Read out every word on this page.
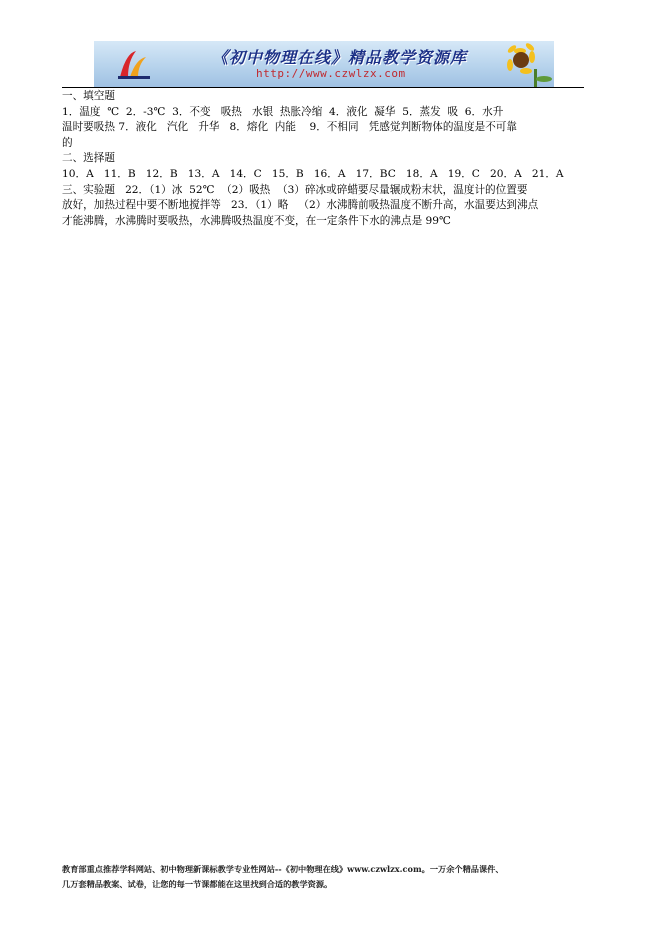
《初中物理在线》精品教学资源库
http://www.czwlzx.com

一、填空题

1．温度  ℃  2．-3℃  3．不变   吸热   水银  热胀冷缩  4．液化  凝华  5．蒸发  吸  6．水升

温时要吸热 7．液化   汽化   升华   8．熔化  内能    9．不相同   凭感觉判断物体的温度是不可靠

的

二、选择题

10．A   11．B   12．B   13．A   14．C   15．B   16．A   17．BC   18．A   19．C   20．A   21．A

三、实验题   22．（1）冰  52℃  （2）吸热  （3）碎冰或碎蜡要尽量辗成粉末状，温度计的位置要

放好，加热过程中要不断地搅拌等   23．（1）略   （2）水沸腾前吸热温度不断升高，水温要达到沸点

才能沸腾，水沸腾时要吸热，水沸腾吸热温度不变，在一定条件下水的沸点是 99℃

教育部重点推荐学科网站、初中物理新课标教学专业性网站--《初中物理在线》www.czwlzx.com。一万余个精品课件、

几万套精品教案、试卷，让您的每一节课都能在这里找到合适的教学资源。
